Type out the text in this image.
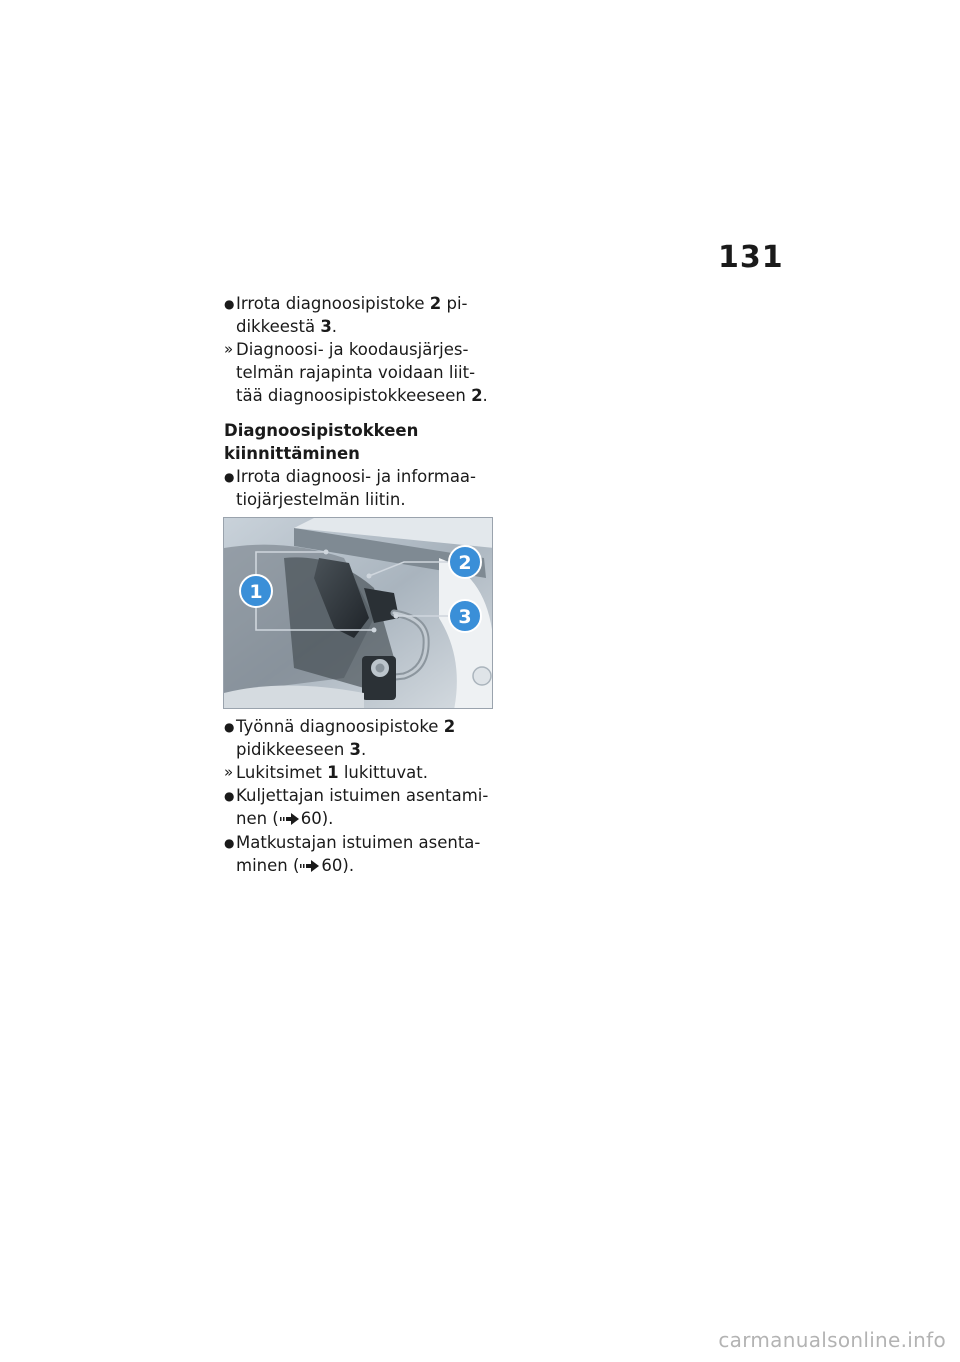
131
● Irrota diagnoosipistoke 2 pi-
dikkeestä 3.
» Diagnoosi- ja koodausjärjes-
telmän rajapinta voidaan liit-
tää diagnoosipistokkeeseen 2.
Diagnoosipistokkeen
kiinnittäminen
● Irrota diagnoosi- ja informaa-
tiojärjestelmän liitin.
1
2
3
● Työnnä diagnoosipistoke 2
pidikkeeseen 3.
» Lukitsimet 1 lukittuvat.
● Kuljettajan istuimen asentami-
nen ( 60).
● Matkustajan istuimen asenta-
minen ( 60).
carmanualsonline.info
